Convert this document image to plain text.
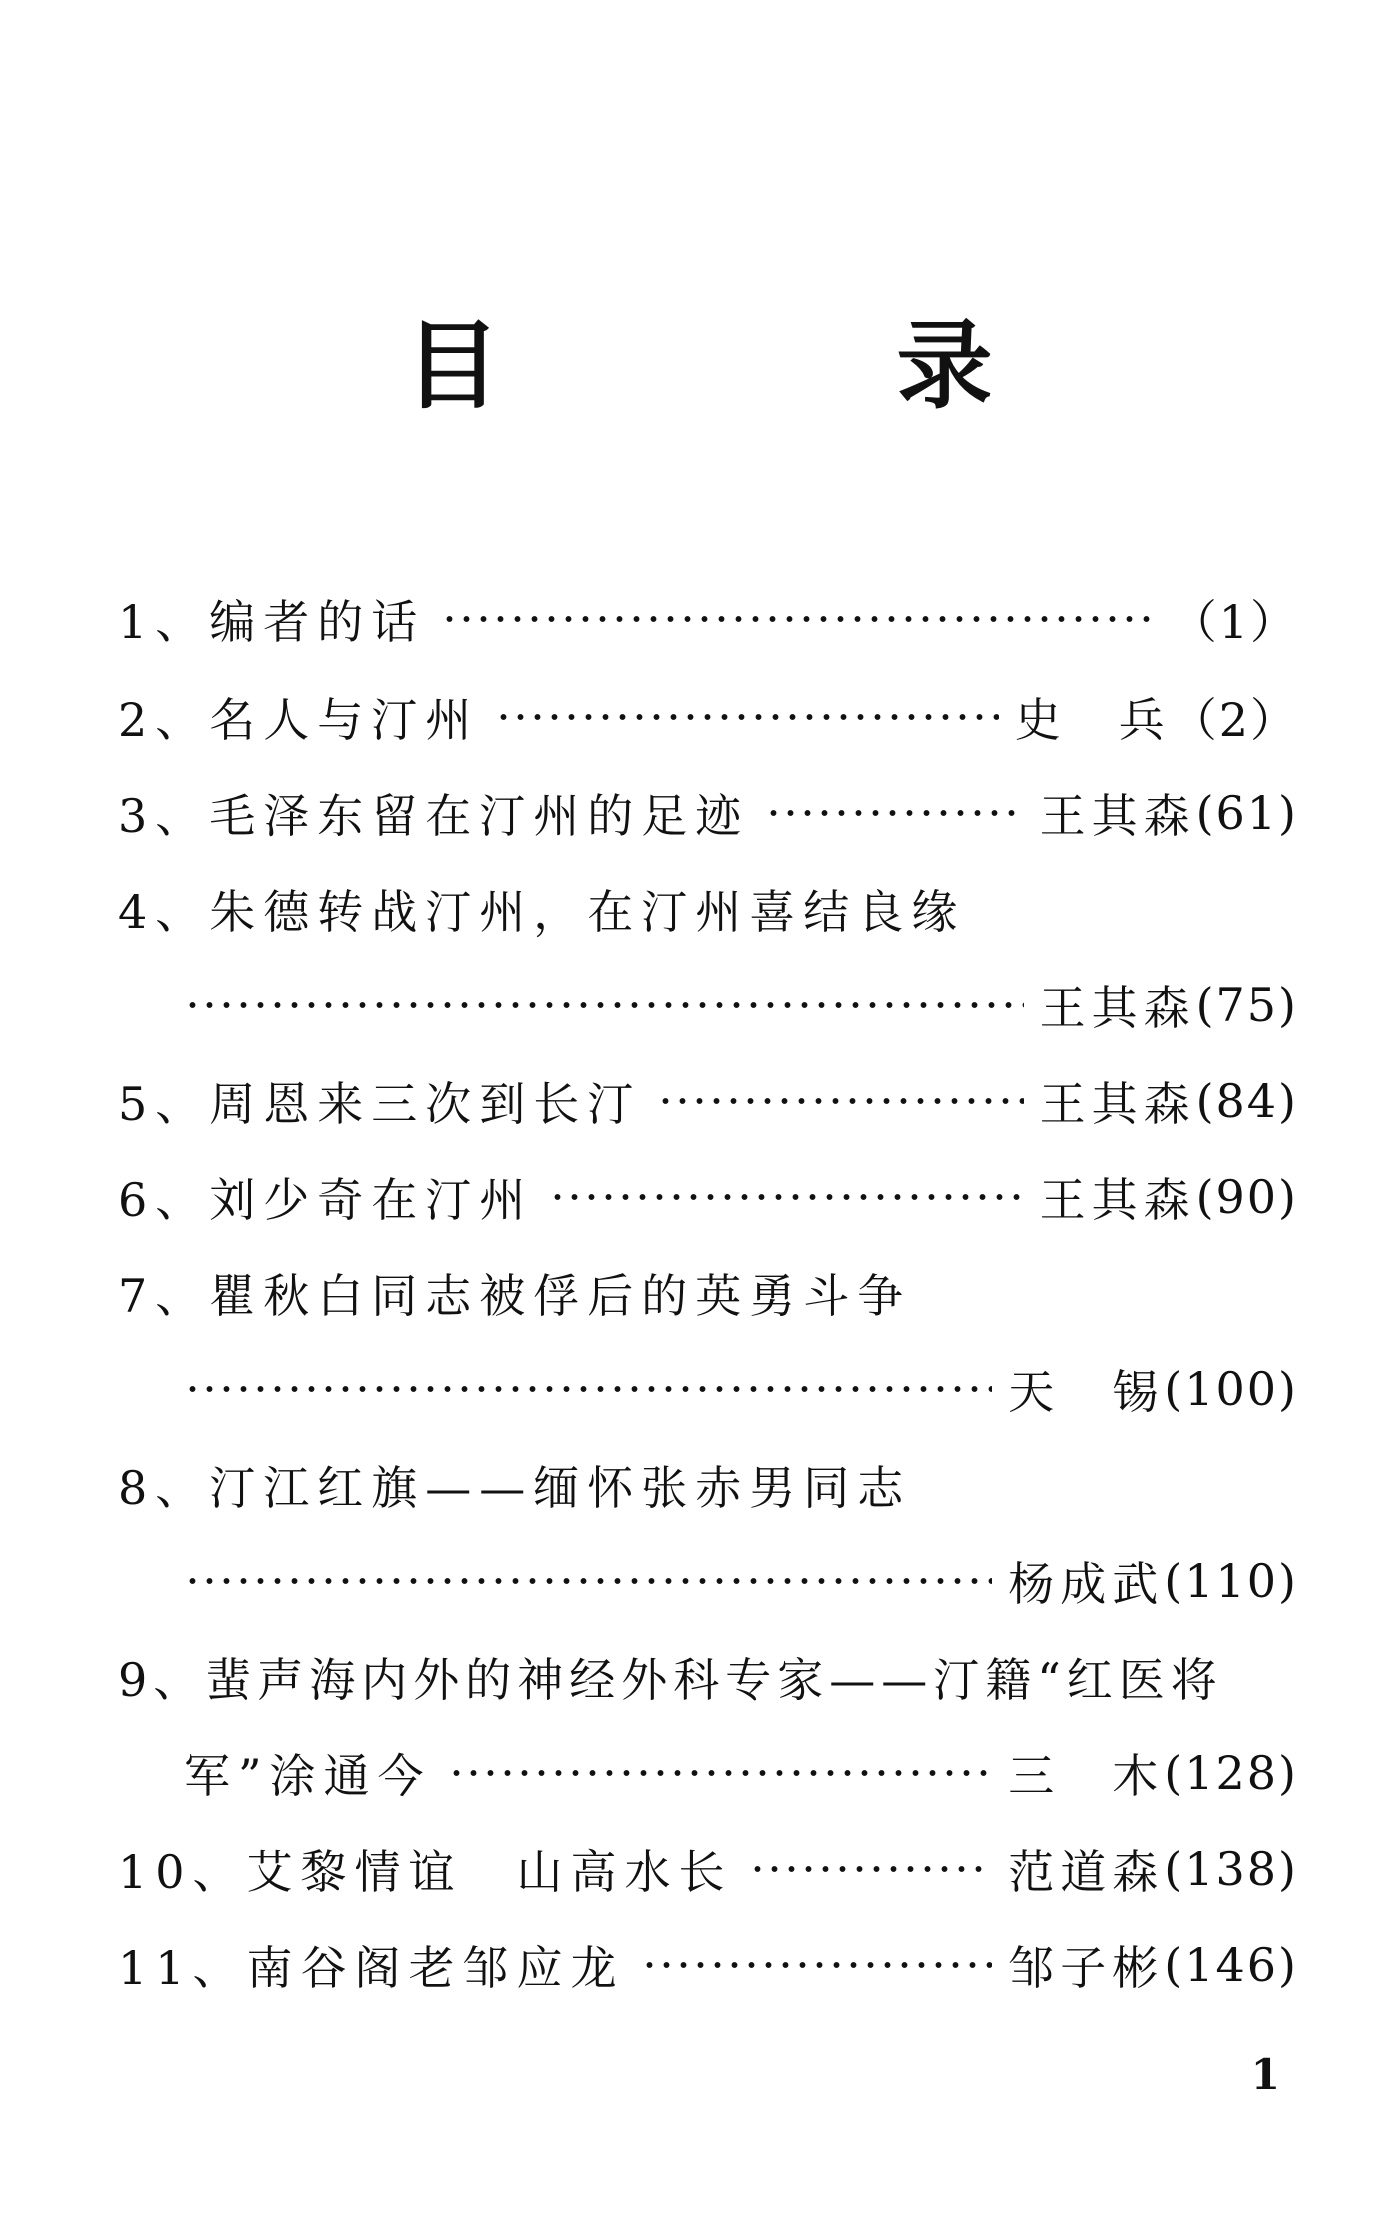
目　录
1、编者的话	（1）
2、名人与汀州	史　兵 （2）
3、毛泽东留在汀州的足迹	王其森 (61)
4、朱德转战汀州，在汀州喜结良缘
王其森 (75)
5、周恩来三次到长汀	王其森 (84)
6、刘少奇在汀州	王其森 (90)
7、瞿秋白同志被俘后的英勇斗争
天　锡 (100)
8、汀江红旗——缅怀张赤男同志
杨成武 (110)
9、蜚声海内外的神经外科专家——汀籍“红医将
军”涂通今	三　木 (128)
10、艾黎情谊　山高水长	范道森 (138)
11、南谷阁老邹应龙	邹子彬 (146)
1
